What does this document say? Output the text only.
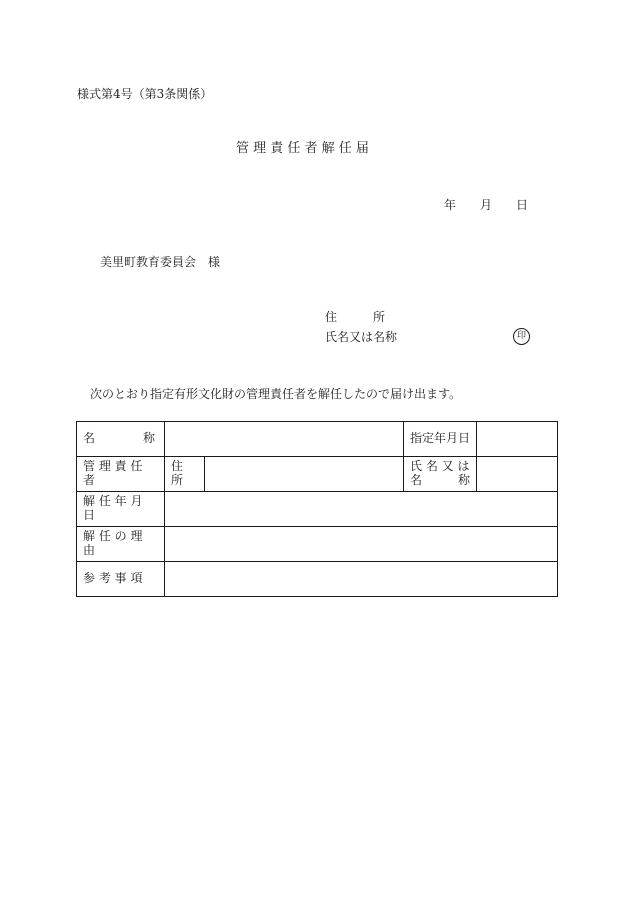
様式第4号（第3条関係）
管 理 責 任 者 解 任 届
年 月 日
美里町教育委員会　様
住　　　所
氏名又は名称	印
次のとおり指定有形文化財の管理責任者を解任したので届け出ます。
名　　　　称			指定年月日	
管 理 責 任 者	住 所		氏 名 又 は
名　　　称	

解 任 年 月 日				
解 任 の 理 由				
参 考 事 項				
